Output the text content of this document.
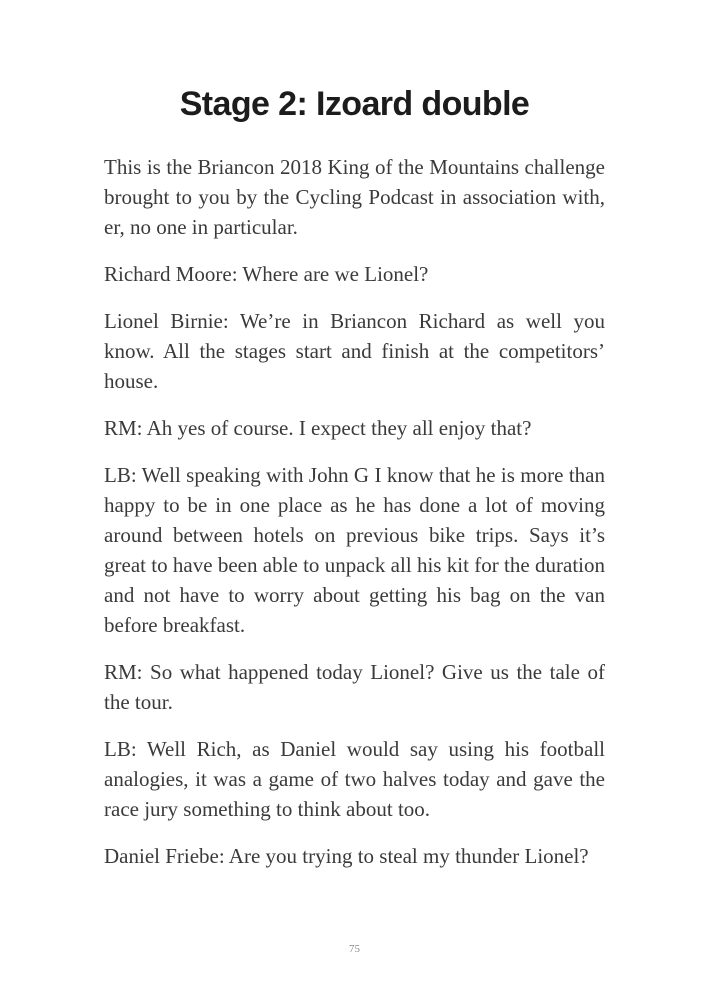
Stage 2: Izoard double

This is the Briancon 2018 King of the Mountains challenge brought to you by the Cycling Podcast in association with, er, no one in particular.

Richard Moore: Where are we Lionel?

Lionel Birnie: We’re in Briancon Richard as well you know. All the stages start and finish at the competitors’ house.

RM: Ah yes of course. I expect they all enjoy that?

LB: Well speaking with John G I know that he is more than happy to be in one place as he has done a lot of moving around between hotels on previous bike trips. Says it’s great to have been able to unpack all his kit for the duration and not have to worry about getting his bag on the van before breakfast.

RM: So what happened today Lionel? Give us the tale of the tour.

LB: Well Rich, as Daniel would say using his football analogies, it was a game of two halves today and gave the race jury something to think about too.

Daniel Friebe: Are you trying to steal my thunder Lionel?

75
